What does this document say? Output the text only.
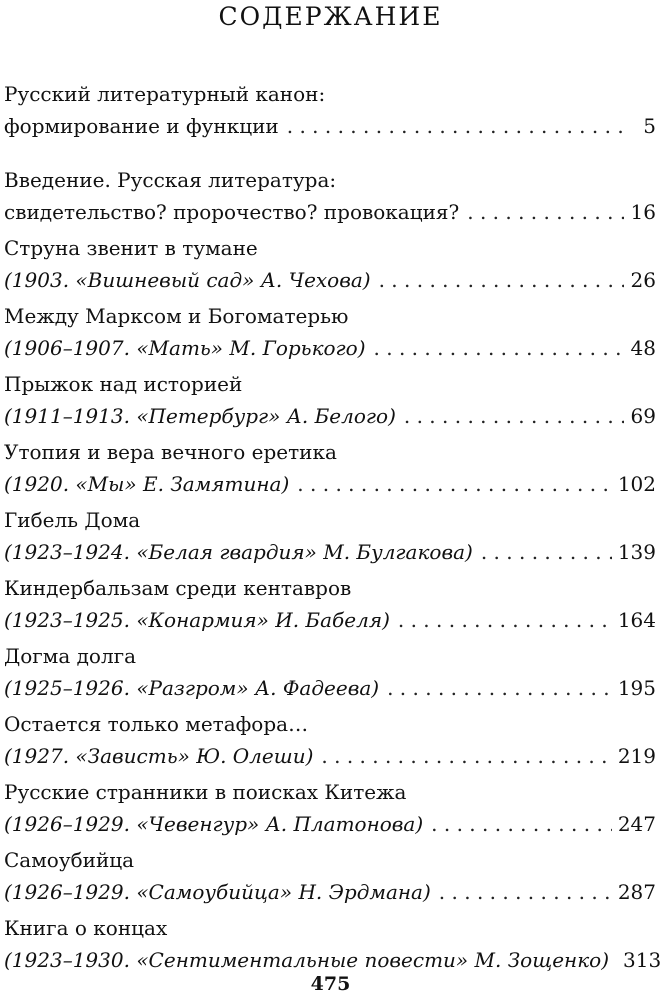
СОДЕРЖАНИЕ
Русский литературный канон:
формирование и функции . . .	5
Введение. Русская литература:
свидетельство? пророчество? провокация? . . .	16
Струна звенит в тумане
(1903. «Вишневый сад» А. Чехова) . . .	26
Между Марксом и Богоматерью
(1906–1907. «Мать» М. Горького) . . .	48
Прыжок над историей
(1911–1913. «Петербург» А. Белого) . . .	69
Утопия и вера вечного еретика
(1920. «Мы» Е. Замятина) . . .	102
Гибель Дома
(1923–1924. «Белая гвардия» М. Булгакова) . . .	139
Киндербальзам среди кентавров
(1923–1925. «Конармия» И. Бабеля) . . .	164
Догма долга
(1925–1926. «Разгром» А. Фадеева) . . .	195
Остается только метафора…
(1927. «Зависть» Ю. Олеши) . . .	219
Русские странники в поисках Китежа
(1926–1929. «Чевенгур» А. Платонова) . . .	247
Самоубийца
(1926–1929. «Самоубийца» Н. Эрдмана) . . .	287
Книга о концах
(1923–1930. «Сентиментальные повести» М. Зощенко) 313
475
